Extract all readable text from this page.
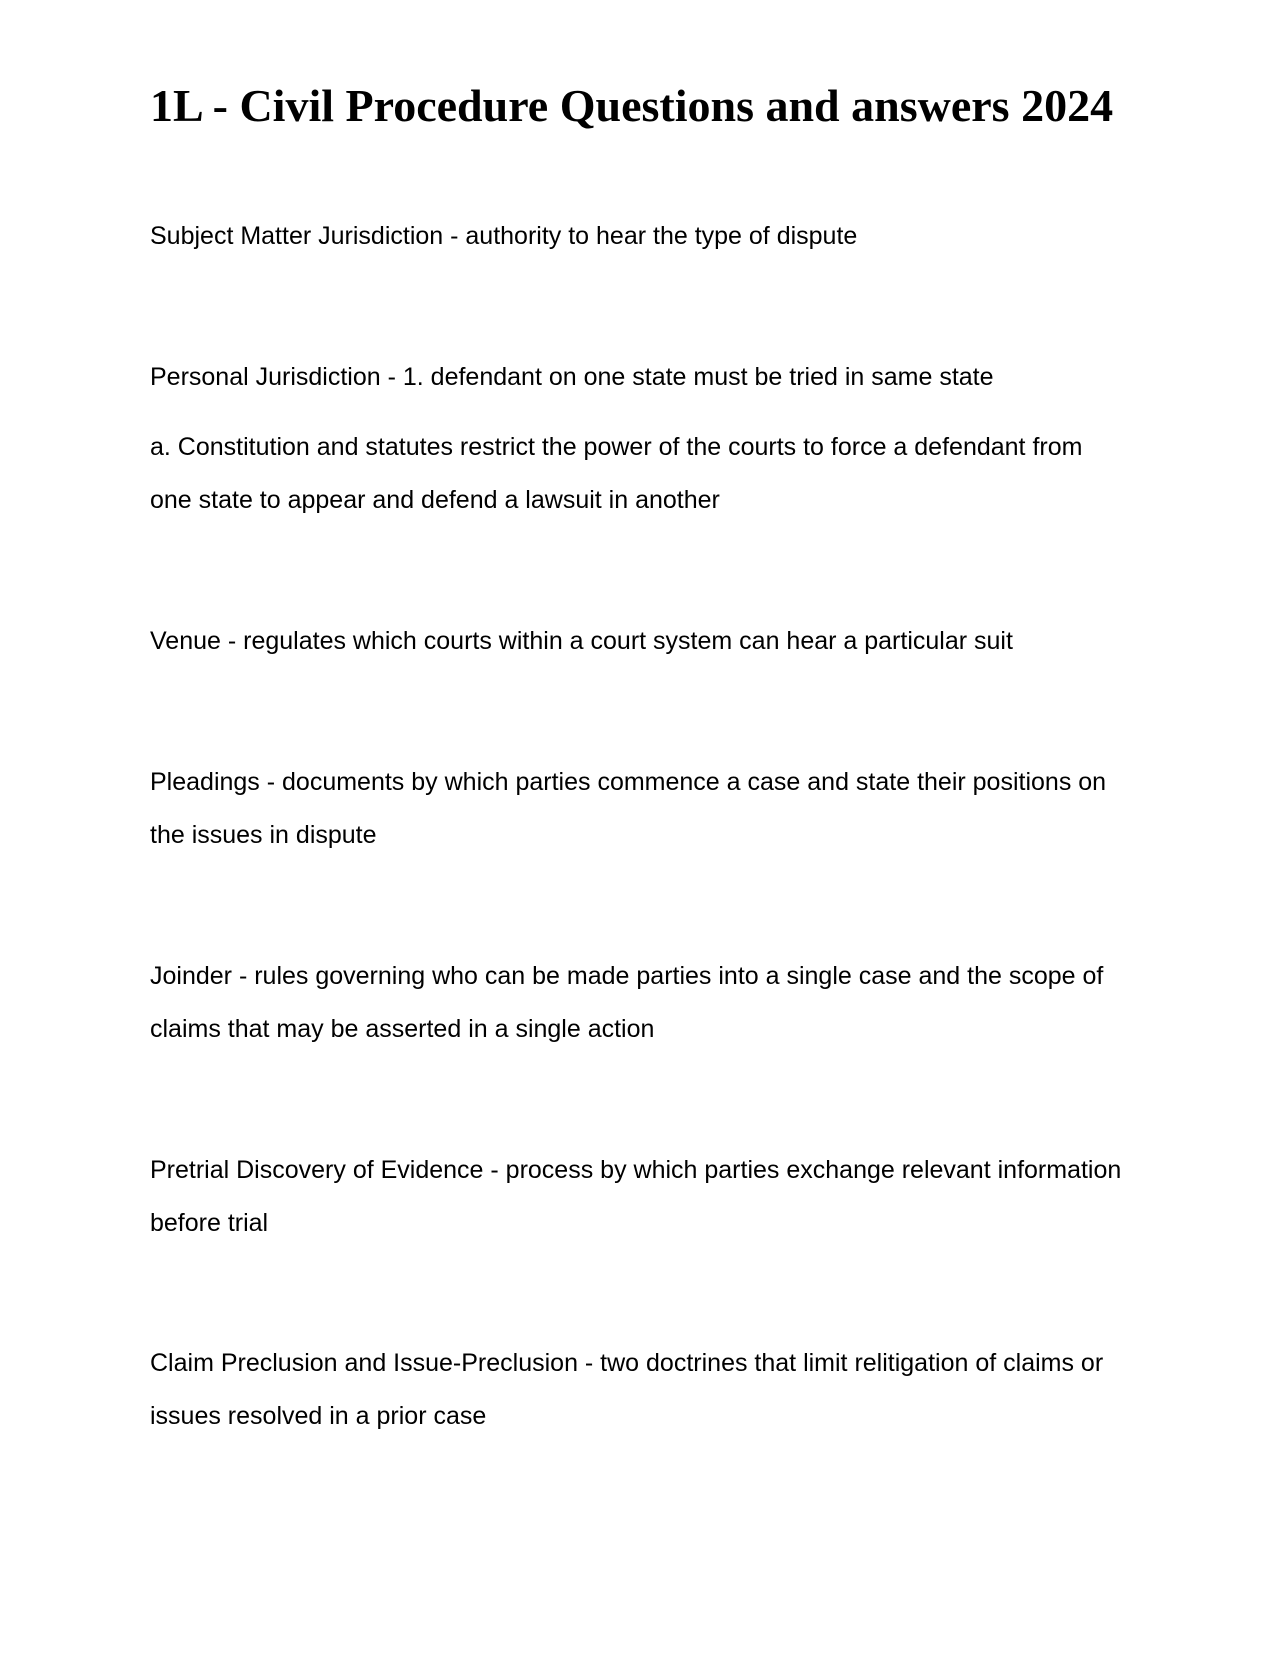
1L - Civil Procedure Questions and answers 2024

Subject Matter Jurisdiction - authority to hear the type of dispute

Personal Jurisdiction - 1. defendant on one state must be tried in same state

a. Constitution and statutes restrict the power of the courts to force a defendant from one state to appear and defend a lawsuit in another

Venue - regulates which courts within a court system can hear a particular suit

Pleadings - documents by which parties commence a case and state their positions on the issues in dispute

Joinder - rules governing who can be made parties into a single case and the scope of claims that may be asserted in a single action

Pretrial Discovery of Evidence - process by which parties exchange relevant information before trial

Claim Preclusion and Issue-Preclusion - two doctrines that limit relitigation of claims or issues resolved in a prior case
